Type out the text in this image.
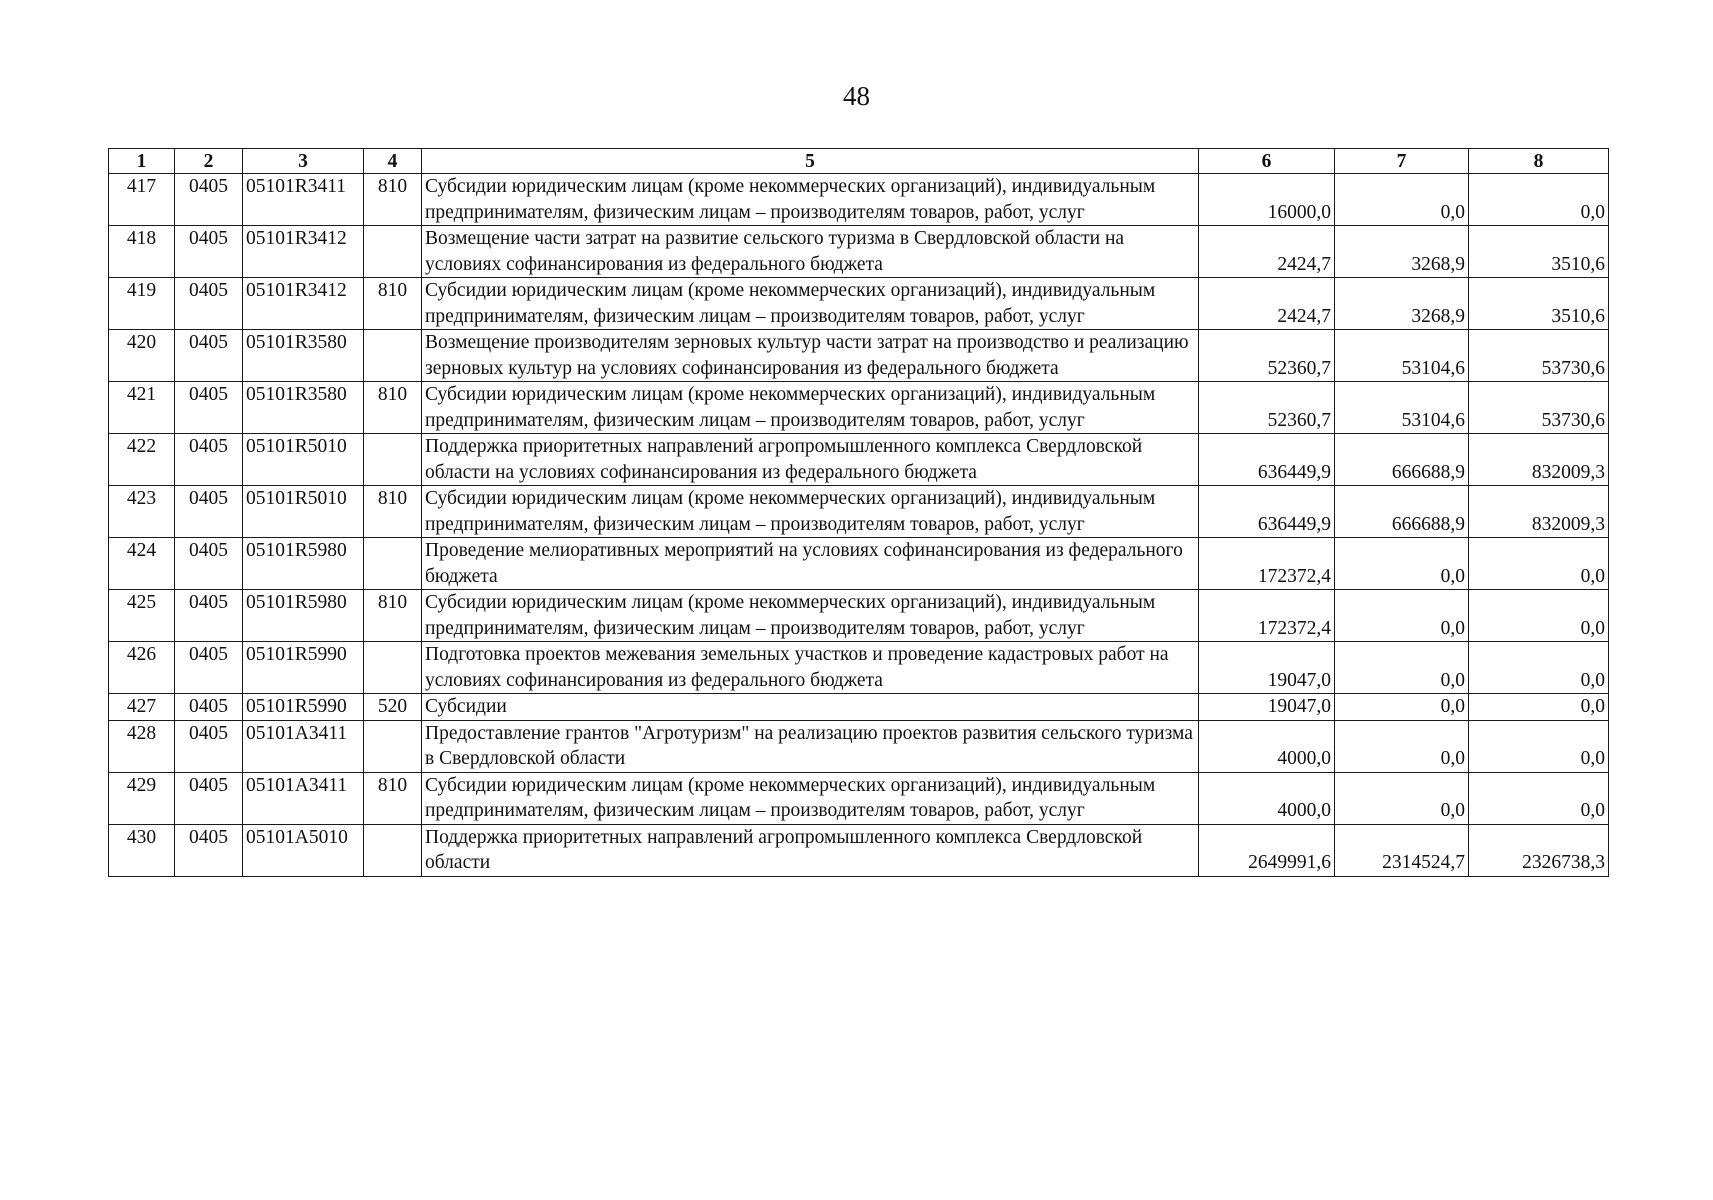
48
1	2	3	4	5	6	7	8
417	0405	05101R3411	810	Субсидии юридическим лицам (кроме некоммерческих организаций), индивидуальным предпринимателям, физическим лицам – производителям товаров, работ, услуг	16000,0	0,0	0,0
418	0405	05101R3412		Возмещение части затрат на развитие сельского туризма в Свердловской области на условиях софинансирования из федерального бюджета	2424,7	3268,9	3510,6
419	0405	05101R3412	810	Субсидии юридическим лицам (кроме некоммерческих организаций), индивидуальным предпринимателям, физическим лицам – производителям товаров, работ, услуг	2424,7	3268,9	3510,6
420	0405	05101R3580		Возмещение производителям зерновых культур части затрат на производство и реализацию зерновых культур на условиях софинансирования из федерального бюджета	52360,7	53104,6	53730,6
421	0405	05101R3580	810	Субсидии юридическим лицам (кроме некоммерческих организаций), индивидуальным предпринимателям, физическим лицам – производителям товаров, работ, услуг	52360,7	53104,6	53730,6
422	0405	05101R5010		Поддержка приоритетных направлений агропромышленного комплекса Свердловской области на условиях софинансирования из федерального бюджета	636449,9	666688,9	832009,3
423	0405	05101R5010	810	Субсидии юридическим лицам (кроме некоммерческих организаций), индивидуальным предпринимателям, физическим лицам – производителям товаров, работ, услуг	636449,9	666688,9	832009,3
424	0405	05101R5980		Проведение мелиоративных мероприятий на условиях софинансирования из федерального бюджета	172372,4	0,0	0,0
425	0405	05101R5980	810	Субсидии юридическим лицам (кроме некоммерческих организаций), индивидуальным предпринимателям, физическим лицам – производителям товаров, работ, услуг	172372,4	0,0	0,0
426	0405	05101R5990		Подготовка проектов межевания земельных участков и проведение кадастровых работ на условиях софинансирования из федерального бюджета	19047,0	0,0	0,0
427	0405	05101R5990	520	Субсидии	19047,0	0,0	0,0
428	0405	05101А3411		Предоставление грантов "Агротуризм" на реализацию проектов развития сельского туризма в Свердловской области	4000,0	0,0	0,0
429	0405	05101А3411	810	Субсидии юридическим лицам (кроме некоммерческих организаций), индивидуальным предпринимателям, физическим лицам – производителям товаров, работ, услуг	4000,0	0,0	0,0
430	0405	05101А5010		Поддержка приоритетных направлений агропромышленного комплекса Свердловской области	2649991,6	2314524,7	2326738,3
